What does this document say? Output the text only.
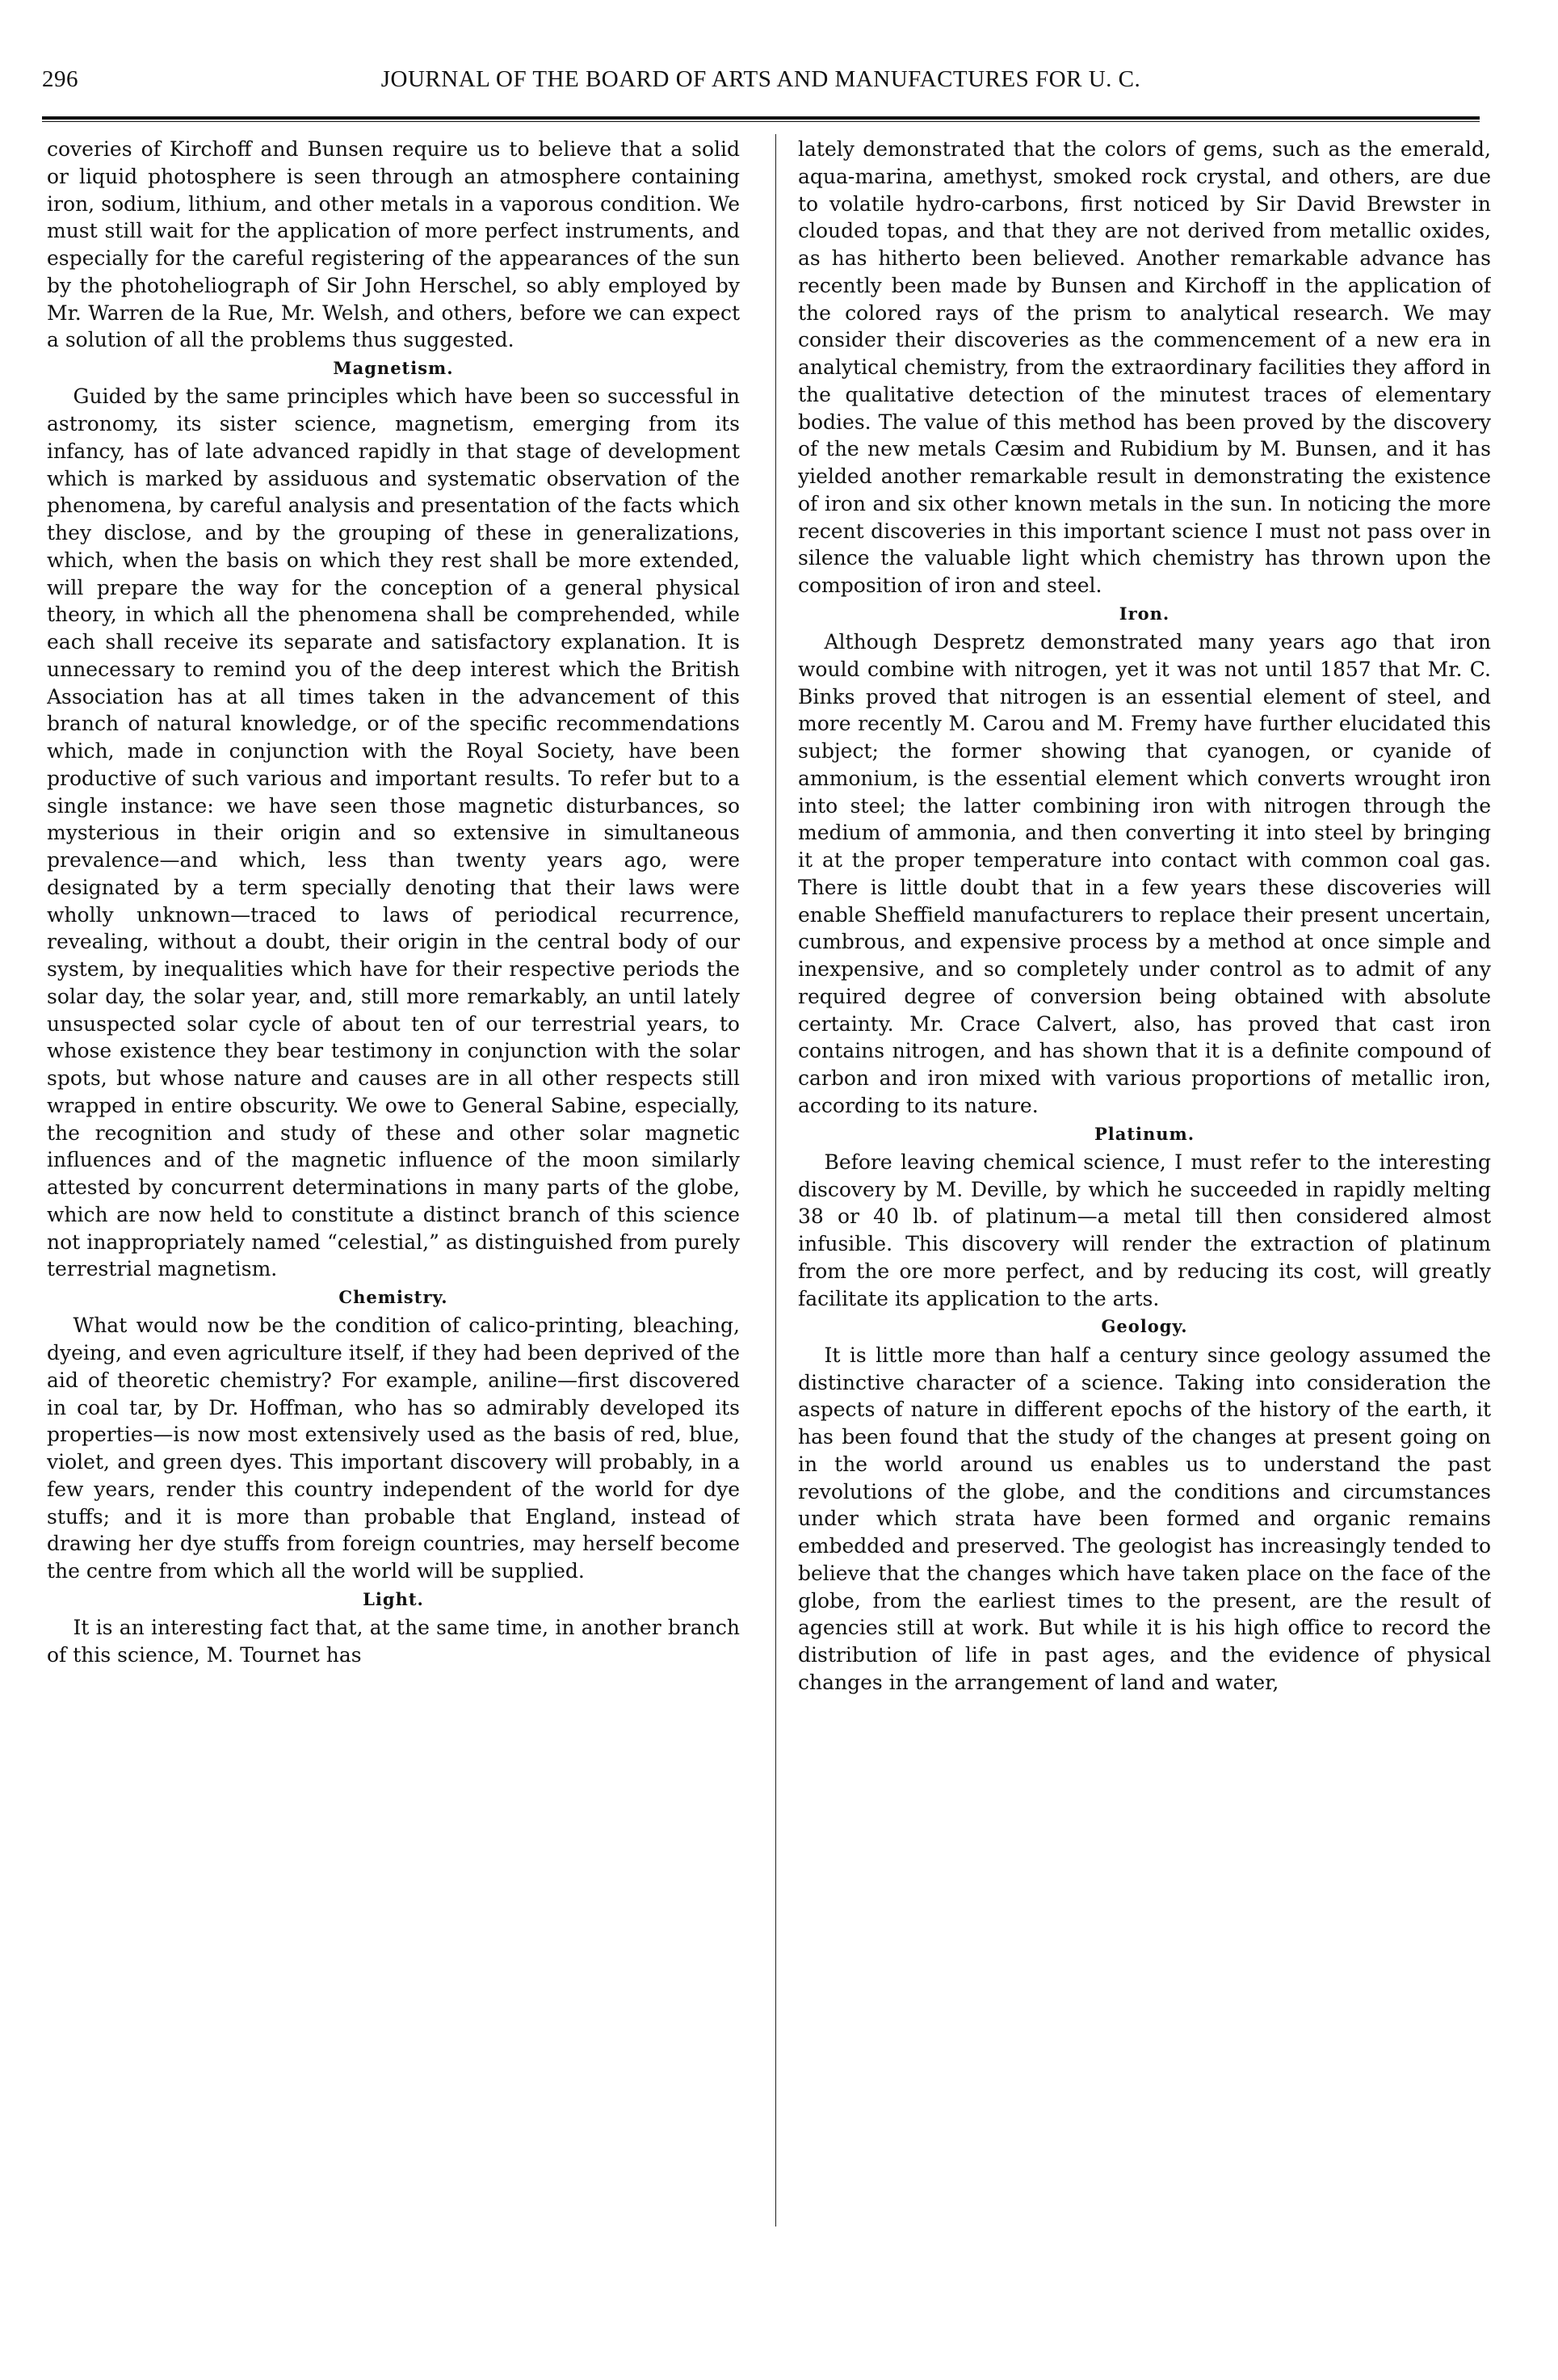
296	JOURNAL OF THE BOARD OF ARTS AND MANUFACTURES FOR U. C.

coveries of Kirchoff and Bunsen require us to believe that a solid or liquid photosphere is seen through an atmosphere containing iron, sodium, lithium, and other metals in a vaporous condition. We must still wait for the application of more perfect instruments, and especially for the careful registering of the appearances of the sun by the photoheliograph of Sir John Herschel, so ably employed by Mr. Warren de la Rue, Mr. Welsh, and others, before we can expect a solution of all the problems thus suggested.

Magnetism.

Guided by the same principles which have been so successful in astronomy, its sister science, magnetism, emerging from its infancy, has of late advanced rapidly in that stage of development which is marked by assiduous and systematic observation of the phenomena, by careful analysis and presentation of the facts which they disclose, and by the grouping of these in generalizations, which, when the basis on which they rest shall be more extended, will prepare the way for the conception of a general physical theory, in which all the phenomena shall be comprehended, while each shall receive its separate and satisfactory explanation. It is unnecessary to remind you of the deep interest which the British Association has at all times taken in the advancement of this branch of natural knowledge, or of the specific recommendations which, made in conjunction with the Royal Society, have been productive of such various and important results. To refer but to a single instance: we have seen those magnetic disturbances, so mysterious in their origin and so extensive in simultaneous prevalence—and which, less than twenty years ago, were designated by a term specially denoting that their laws were wholly unknown—traced to laws of periodical recurrence, revealing, without a doubt, their origin in the central body of our system, by inequalities which have for their respective periods the solar day, the solar year, and, still more remarkably, an until lately unsuspected solar cycle of about ten of our terrestrial years, to whose existence they bear testimony in conjunction with the solar spots, but whose nature and causes are in all other respects still wrapped in entire obscurity. We owe to General Sabine, especially, the recognition and study of these and other solar magnetic influences and of the magnetic influence of the moon similarly attested by concurrent determinations in many parts of the globe, which are now held to constitute a distinct branch of this science not inappropriately named “celestial,” as distinguished from purely terrestrial magnetism.

Chemistry.

What would now be the condition of calico-printing, bleaching, dyeing, and even agriculture itself, if they had been deprived of the aid of theoretic chemistry? For example, aniline—first discovered in coal tar, by Dr. Hoffman, who has so admirably developed its properties—is now most extensively used as the basis of red, blue, violet, and green dyes. This important discovery will probably, in a few years, render this country independent of the world for dye stuffs; and it is more than probable that England, instead of drawing her dye stuffs from foreign countries, may herself become the centre from which all the world will be supplied.

Light.

It is an interesting fact that, at the same time, in another branch of this science, M. Tournet has

lately demonstrated that the colors of gems, such as the emerald, aqua-marina, amethyst, smoked rock crystal, and others, are due to volatile hydro-carbons, first noticed by Sir David Brewster in clouded topas, and that they are not derived from metallic oxides, as has hitherto been believed. Another remarkable advance has recently been made by Bunsen and Kirchoff in the application of the colored rays of the prism to analytical research. We may consider their discoveries as the commencement of a new era in analytical chemistry, from the extraordinary facilities they afford in the qualitative detection of the minutest traces of elementary bodies. The value of this method has been proved by the discovery of the new metals Cæsim and Rubidium by M. Bunsen, and it has yielded another remarkable result in demonstrating the existence of iron and six other known metals in the sun. In noticing the more recent discoveries in this important science I must not pass over in silence the valuable light which chemistry has thrown upon the composition of iron and steel.

Iron.

Although Despretz demonstrated many years ago that iron would combine with nitrogen, yet it was not until 1857 that Mr. C. Binks proved that nitrogen is an essential element of steel, and more recently M. Carou and M. Fremy have further elucidated this subject; the former showing that cyanogen, or cyanide of ammonium, is the essential element which converts wrought iron into steel; the latter combining iron with nitrogen through the medium of ammonia, and then converting it into steel by bringing it at the proper temperature into contact with common coal gas. There is little doubt that in a few years these discoveries will enable Sheffield manufacturers to replace their present uncertain, cumbrous, and expensive process by a method at once simple and inexpensive, and so completely under control as to admit of any required degree of conversion being obtained with absolute certainty. Mr. Crace Calvert, also, has proved that cast iron contains nitrogen, and has shown that it is a definite compound of carbon and iron mixed with various proportions of metallic iron, according to its nature.

Platinum.

Before leaving chemical science, I must refer to the interesting discovery by M. Deville, by which he succeeded in rapidly melting 38 or 40 lb. of platinum—a metal till then considered almost infusible. This discovery will render the extraction of platinum from the ore more perfect, and by reducing its cost, will greatly facilitate its application to the arts.

Geology.

It is little more than half a century since geology assumed the distinctive character of a science. Taking into consideration the aspects of nature in different epochs of the history of the earth, it has been found that the study of the changes at present going on in the world around us enables us to understand the past revolutions of the globe, and the conditions and circumstances under which strata have been formed and organic remains embedded and preserved. The geologist has increasingly tended to believe that the changes which have taken place on the face of the globe, from the earliest times to the present, are the result of agencies still at work. But while it is his high office to record the distribution of life in past ages, and the evidence of physical changes in the arrangement of land and water,
